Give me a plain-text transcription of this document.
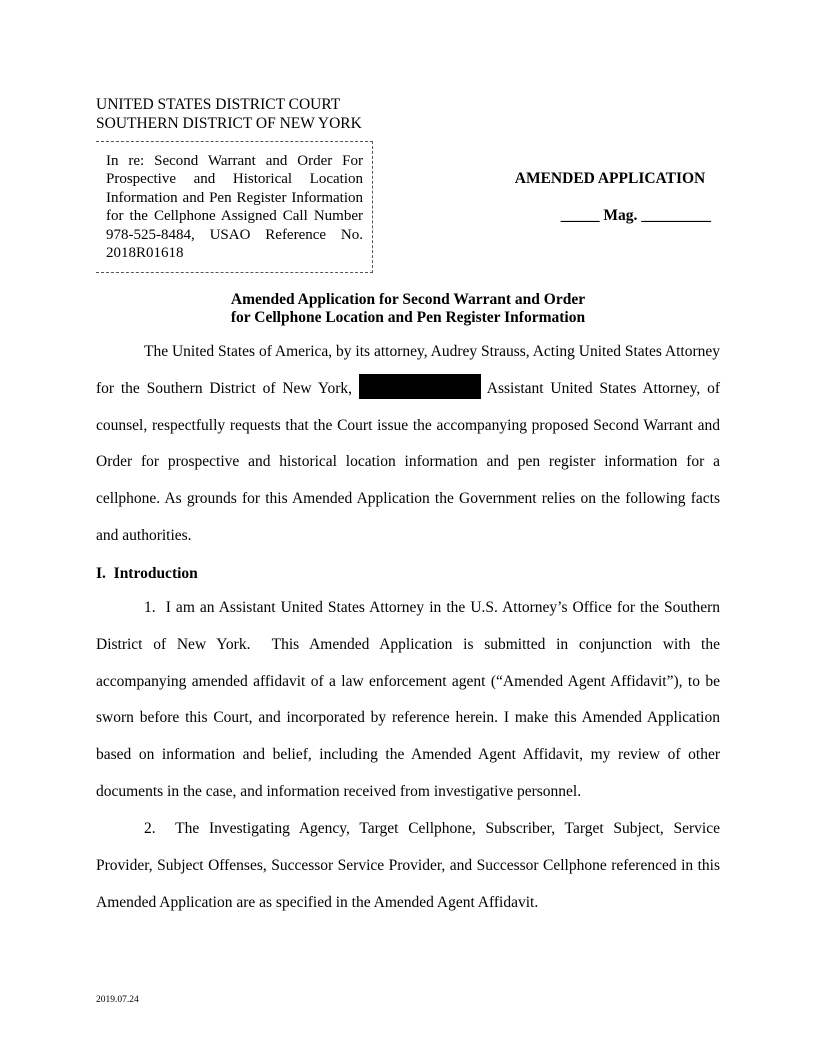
UNITED STATES DISTRICT COURT
SOUTHERN DISTRICT OF NEW YORK
In re: Second Warrant and Order For Prospective and Historical Location Information and Pen Register Information for the Cellphone Assigned Call Number 978-525-8484, USAO Reference No. 2018R01618
AMENDED APPLICATION
_____ Mag. _________
Amended Application for Second Warrant and Order
for Cellphone Location and Pen Register Information

The United States of America, by its attorney, Audrey Strauss, Acting United States Attorney for the Southern District of New York,	Assistant United States Attorney, of counsel, respectfully requests that the Court issue the accompanying proposed Second Warrant and Order for prospective and historical location information and pen register information for a cellphone. As grounds for this Amended Application the Government relies on the following facts and authorities.

I.  Introduction

1.  I am an Assistant United States Attorney in the U.S. Attorney’s Office for the Southern District of New York.  This Amended Application is submitted in conjunction with the accompanying amended affidavit of a law enforcement agent (“Amended Agent Affidavit”), to be sworn before this Court, and incorporated by reference herein. I make this Amended Application based on information and belief, including the Amended Agent Affidavit, my review of other documents in the case, and information received from investigative personnel.

2.  The Investigating Agency, Target Cellphone, Subscriber, Target Subject, Service Provider, Subject Offenses, Successor Service Provider, and Successor Cellphone referenced in this Amended Application are as specified in the Amended Agent Affidavit.

2019.07.24
